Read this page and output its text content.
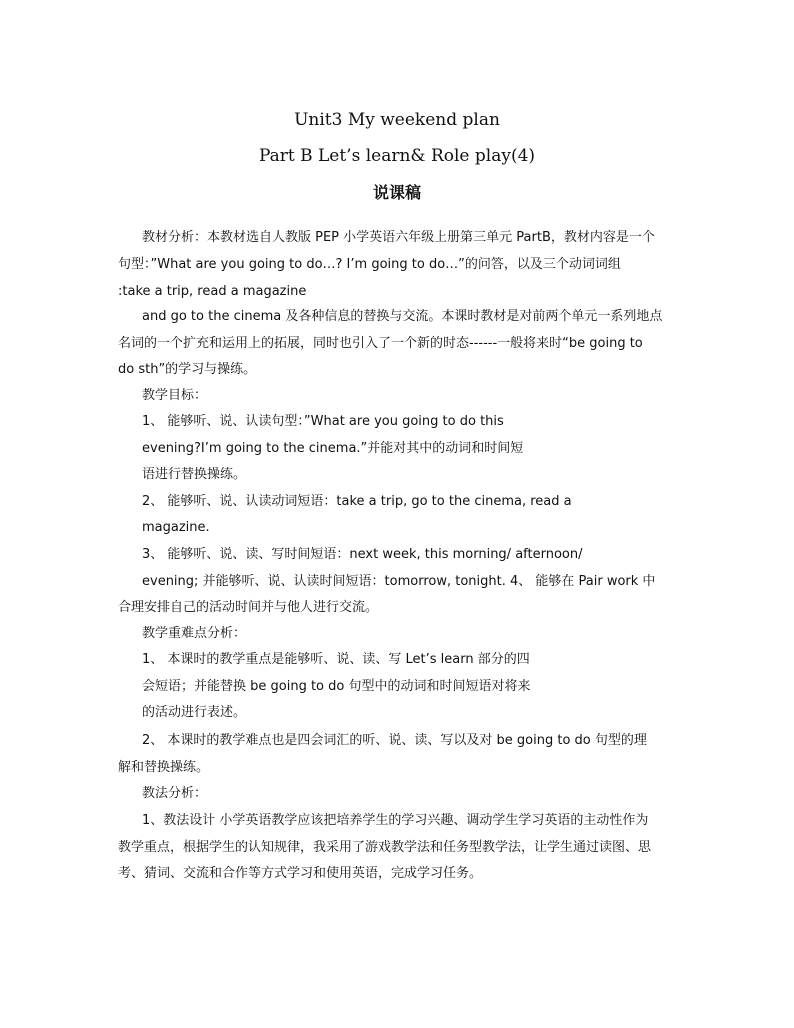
Unit3 My weekend plan
Part B Let’s learn& Role play(4)
说课稿
教材分析：本教材选自人教版 PEP 小学英语六年级上册第三单元 PartB，教材内容是一个
句型：”What are you going to do…? I’m going to do…”的问答，以及三个动词词组
:take a trip, read a magazine
and go to the cinema 及各种信息的替换与交流。本课时教材是对前两个单元一系列地点
名词的一个扩充和运用上的拓展，同时也引入了一个新的时态------一般将来时“be going to
do sth”的学习与操练。
教学目标：
1、 能够听、说、认读句型：”What are you going to do this
evening?I’m going to the cinema.”并能对其中的动词和时间短
语进行替换操练。
2、 能够听、说、认读动词短语：take a trip, go to the cinema, read a
magazine.
3、 能够听、说、读、写时间短语：next week, this morning/ afternoon/
evening; 并能够听、说、认读时间短语：tomorrow, tonight. 4、 能够在 Pair work 中
合理安排自己的活动时间并与他人进行交流。
教学重难点分析：
1、 本课时的教学重点是能够听、说、读、写 Let’s learn 部分的四
会短语；并能替换 be going to do 句型中的动词和时间短语对将来
的活动进行表述。
2、 本课时的教学难点也是四会词汇的听、说、读、写以及对 be going to do 句型的理
解和替换操练。
教法分析：
1、教法设计 小学英语教学应该把培养学生的学习兴趣、调动学生学习英语的主动性作为
教学重点，根据学生的认知规律，我采用了游戏教学法和任务型教学法，让学生通过读图、思
考、猜词、交流和合作等方式学习和使用英语，完成学习任务。
